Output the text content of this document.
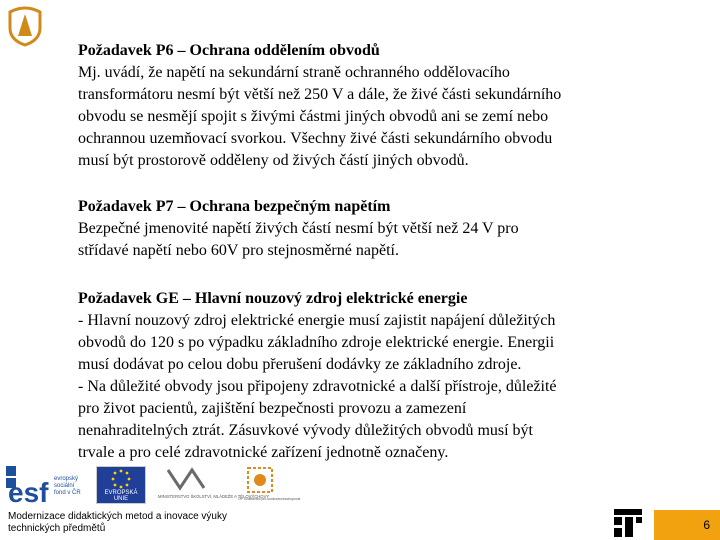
Požadavek P6 – Ochrana oddělením obvodů

Mj. uvádí, že napětí na sekundární straně ochranného oddělovacího

transformátoru nesmí být větší než 250 V a dále, že živé části sekundárního

obvodu se nesmějí spojit s živými částmi jiných obvodů ani se zemí nebo

ochrannou uzemňovací svorkou. Všechny živé části sekundárního obvodu

musí být prostorově odděleny od živých částí jiných obvodů.

Požadavek P7 – Ochrana bezpečným napětím

Bezpečné jmenovité napětí živých částí nesmí být větší než 24 V pro

střídavé napětí nebo 60V pro stejnosměrné napětí.

Požadavek GE – Hlavní nouzový zdroj elektrické energie

- Hlavní nouzový zdroj elektrické energie musí zajistit napájení důležitých

obvodů do 120 s po výpadku základního zdroje elektrické energie. Energii

musí dodávat po celou dobu přerušení dodávky ze základního zdroje.

- Na důležité obvody jsou připojeny zdravotnické a další přístroje, důležité

pro život pacientů, zajištění bezpečnosti provozu a zamezení

nenahraditelných ztrát. Zásuvkové vývody důležitých obvodů musí být

trvale a pro celé zdravotnické zařízení jednotně označeny.

esf evropský
sociální
fond v ČR	EVROPSKÁ UNIE	MINISTERSTVO ŠKOLSTVÍ, MLÁDEŽE A TĚLOVÝCHOVY
OP Vzdělávání pro konkurenceschopnost
Modernizace didaktických metod a inovace výuky
technických předmětů	6
